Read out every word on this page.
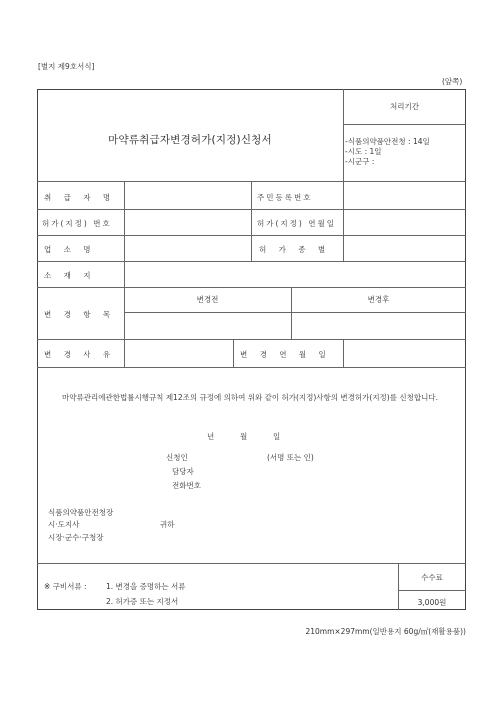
[별지 제9호서식]
(앞쪽)
마약류취급자변경허가(지정)신청서
처리기간
-식품의약품안전청 : 14일
-시도 : 1일
-시군구 :
취 급 자 명	주민등록번호
허가(지정) 번호	허가(지정) 연월일
업 소 명	허 가 종 별
소 재 지
변경전	변경후
변 경 항 목
변 경 사 유	변 경 연 월 일
마약류관리에관한법률시행규칙 제12조의 규정에 의하여 위와 같이 허가(지정)사항의 변경허가(지정)를 신청합니다.
년	월	일
신청인	(서명 또는 인)
담당자
전화번호
식품의약품안전청장
시·도지사	귀하
시장·군수·구청장
※ 구비서류 :	1. 변경을 증명하는 서류
2. 허가증 또는 지정서
수수료
3,000원
210mm×297mm(일반용지 60g/㎡(재활용품))
